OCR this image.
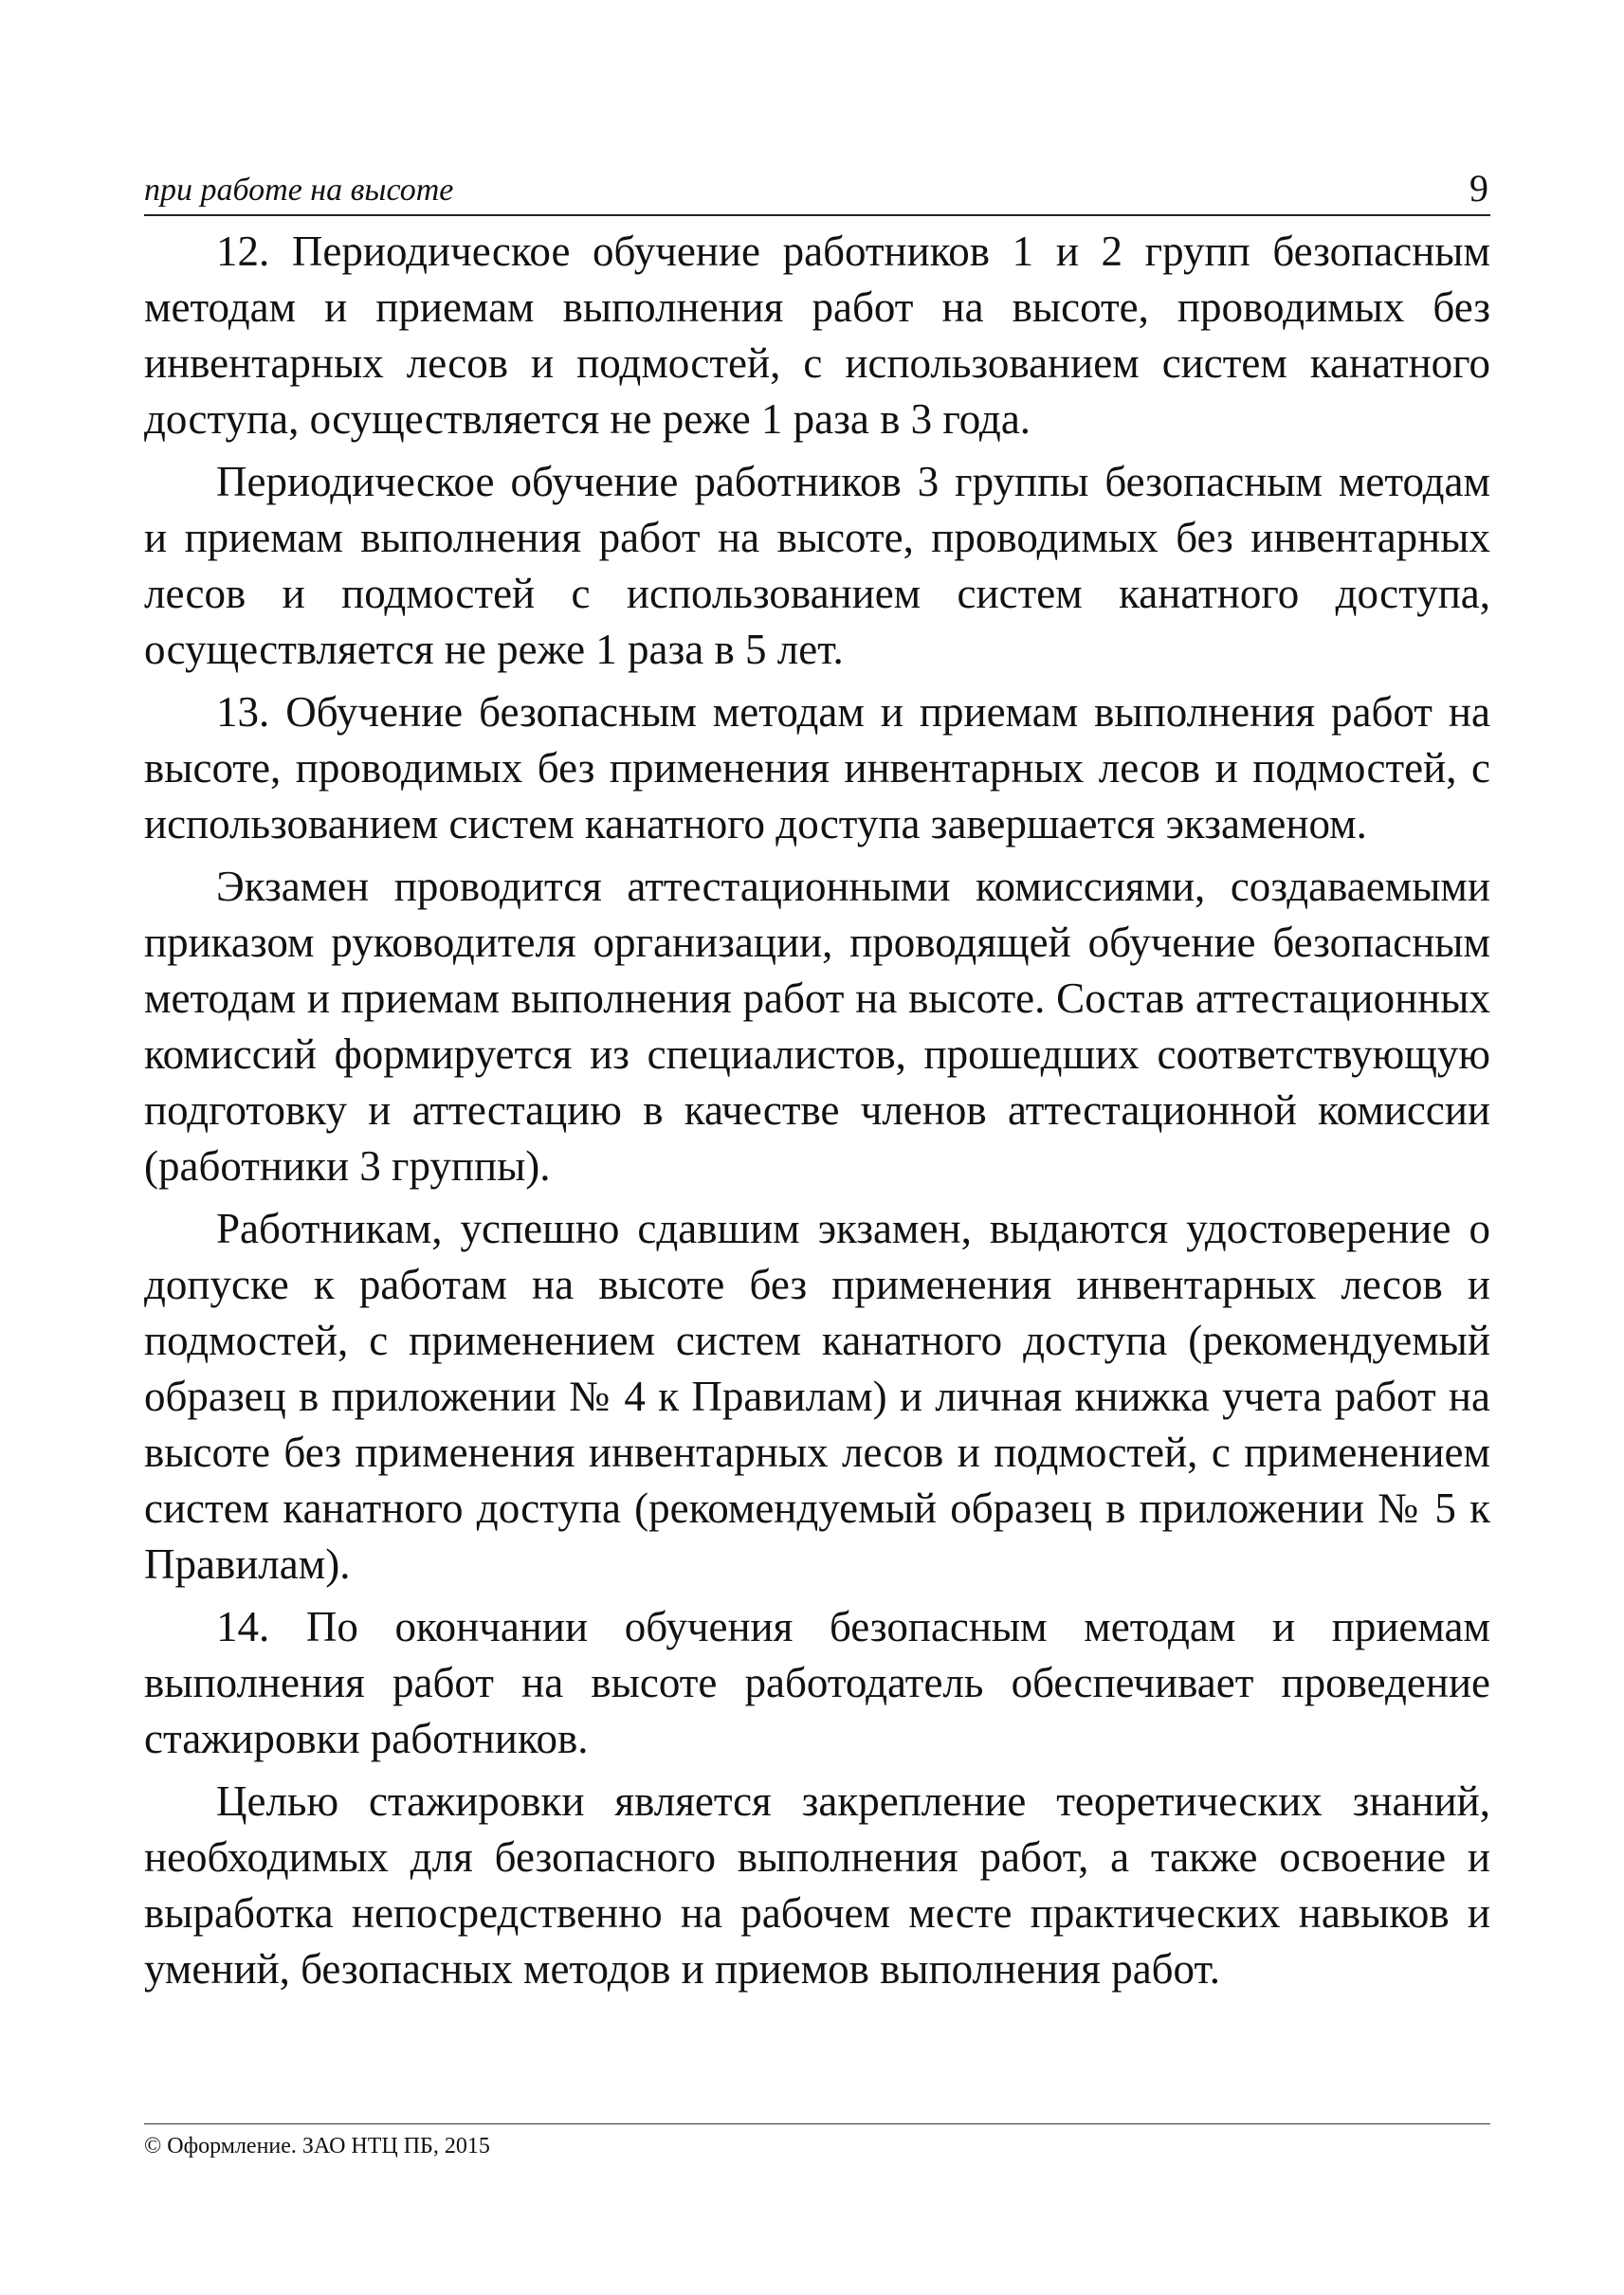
при работе на высоте	9

12. Периодическое обучение работников 1 и 2 групп безопасным методам и приемам выполнения работ на высоте, проводимых без инвентарных лесов и подмостей, с использованием систем канатного доступа, осуществляется не реже 1 раза в 3 года.

Периодическое обучение работников 3 группы безопасным методам и приемам выполнения работ на высоте, проводимых без инвентарных лесов и подмостей с использованием систем канатного доступа, осуществляется не реже 1 раза в 5 лет.

13. Обучение безопасным методам и приемам выполнения работ на высоте, проводимых без применения инвентарных лесов и подмостей, с использованием систем канатного доступа завершается экзаменом.

Экзамен проводится аттестационными комиссиями, создаваемыми приказом руководителя организации, проводящей обучение безопасным методам и приемам выполнения работ на высоте. Состав аттестационных комиссий формируется из специалистов, прошедших соответствующую подготовку и аттестацию в качестве членов аттестационной комиссии (работники 3 группы).

Работникам, успешно сдавшим экзамен, выдаются удостоверение о допуске к работам на высоте без применения инвентарных лесов и подмостей, с применением систем канатного доступа (рекомендуемый образец в приложении № 4 к Правилам) и личная книжка учета работ на высоте без применения инвентарных лесов и подмостей, с применением систем канатного доступа (рекомендуемый образец в приложении № 5 к Правилам).

14. По окончании обучения безопасным методам и приемам выполнения работ на высоте работодатель обеспечивает проведение стажировки работников.

Целью стажировки является закрепление теоретических знаний, необходимых для безопасного выполнения работ, а также освоение и выработка непосредственно на рабочем месте практических навыков и умений, безопасных методов и приемов выполнения работ.

© Оформление. ЗАО НТЦ ПБ, 2015
